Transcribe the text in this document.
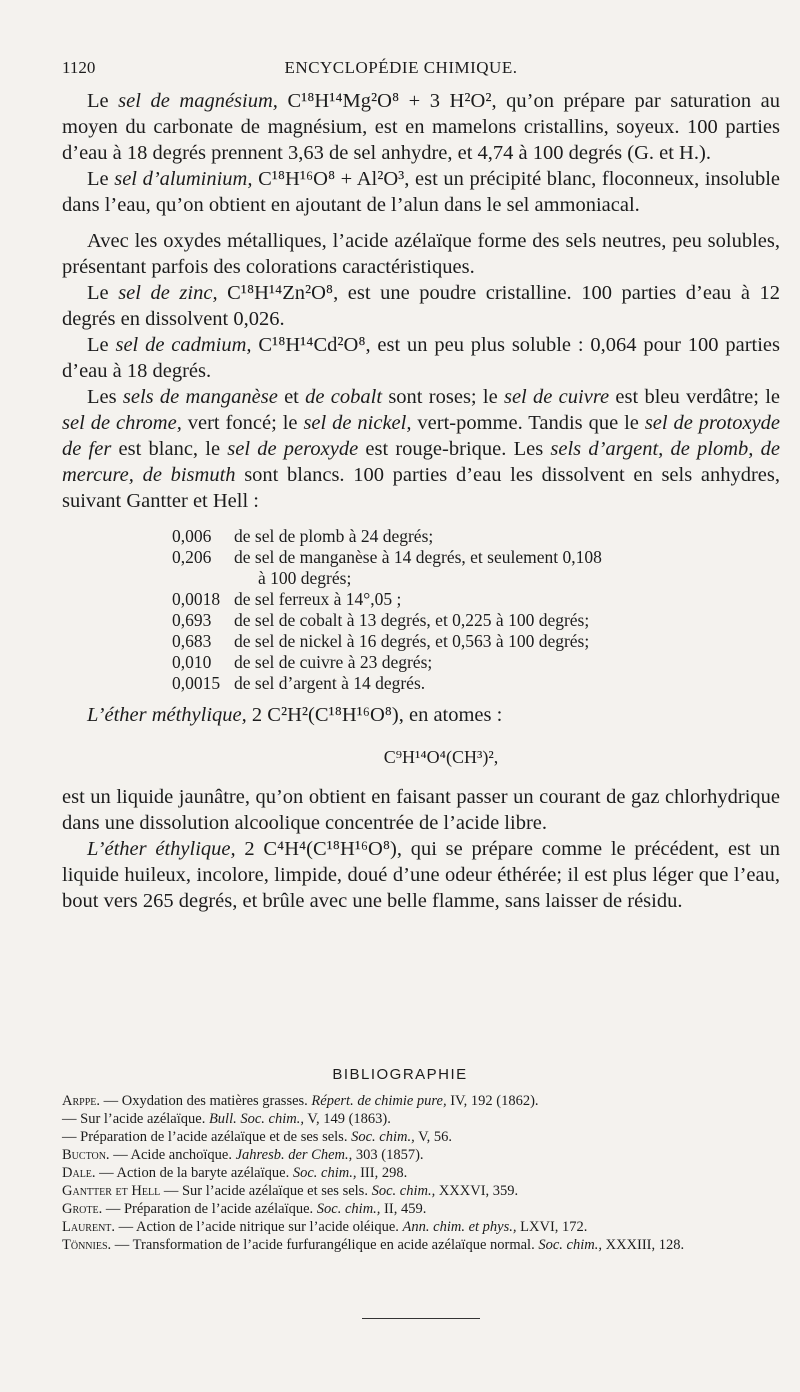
1120	ENCYCLOPÉDIE CHIMIQUE.

Le sel de magnésium, C¹⁸H¹⁴Mg²O⁸ + 3 H²O², qu’on prépare par saturation au moyen du carbonate de magnésium, est en mamelons cristallins, soyeux. 100 parties d’eau à 18 degrés prennent 3,63 de sel anhydre, et 4,74 à 100 degrés (G. et H.).

Le sel d’aluminium, C¹⁸H¹⁶O⁸ + Al²O³, est un précipité blanc, floconneux, insoluble dans l’eau, qu’on obtient en ajoutant de l’alun dans le sel ammoniacal.

Avec les oxydes métalliques, l’acide azélaïque forme des sels neutres, peu solubles, présentant parfois des colorations caractéristiques.

Le sel de zinc, C¹⁸H¹⁴Zn²O⁸, est une poudre cristalline. 100 parties d’eau à 12 degrés en dissolvent 0,026.

Le sel de cadmium, C¹⁸H¹⁴Cd²O⁸, est un peu plus soluble : 0,064 pour 100 parties d’eau à 18 degrés.

Les sels de manganèse et de cobalt sont roses; le sel de cuivre est bleu verdâtre; le sel de chrome, vert foncé; le sel de nickel, vert-pomme. Tandis que le sel de protoxyde de fer est blanc, le sel de peroxyde est rouge-brique. Les sels d’argent, de plomb, de mercure, de bismuth sont blancs. 100 parties d’eau les dissolvent en sels anhydres, suivant Gantter et Hell :

0,006	de sel de plomb à 24 degrés;
0,206	de sel de manganèse à 14 degrés, et seulement 0,108
à 100 degrés;
0,0018 de sel ferreux à 14°,05 ;
0,693	de sel de cobalt à 13 degrés, et 0,225 à 100 degrés;
0,683	de sel de nickel à 16 degrés, et 0,563 à 100 degrés;
0,010	de sel de cuivre à 23 degrés;
0,0015 de sel d’argent à 14 degrés.

L’éther méthylique, 2 C²H²(C¹⁸H¹⁶O⁸), en atomes :

C⁹H¹⁴O⁴(CH³)²,

est un liquide jaunâtre, qu’on obtient en faisant passer un courant de gaz chlorhydrique dans une dissolution alcoolique concentrée de l’acide libre.

L’éther éthylique, 2 C⁴H⁴(C¹⁸H¹⁶O⁸), qui se prépare comme le précédent, est un liquide huileux, incolore, limpide, doué d’une odeur éthérée; il est plus léger que l’eau, bout vers 265 degrés, et brûle avec une belle flamme, sans laisser de résidu.

BIBLIOGRAPHIE
Arppe. — Oxydation des matières grasses. Répert. de chimie pure, IV, 192 (1862).
— Sur l’acide azélaïque. Bull. Soc. chim., V, 149 (1863).
— Préparation de l’acide azélaïque et de ses sels. Soc. chim., V, 56.
Bucton. — Acide anchoïque. Jahresb. der Chem., 303 (1857).
Dale. — Action de la baryte azélaïque. Soc. chim., III, 298.
Gantter et Hell — Sur l’acide azélaïque et ses sels. Soc. chim., XXXVI, 359.
Grote. — Préparation de l’acide azélaïque. Soc. chim., II, 459.
Laurent. — Action de l’acide nitrique sur l’acide oléique. Ann. chim. et phys., LXVI, 172.
Tönnies. — Transformation de l’acide furfurangélique en acide azélaïque normal. Soc. chim., XXXIII, 128.
